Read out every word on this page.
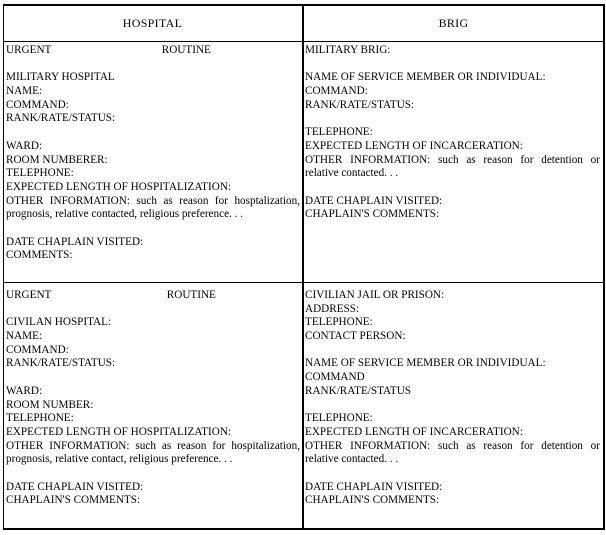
HOSPITAL	BRIG
URGENT	ROUTINE
MILITARY HOSPITAL
NAME:
COMMAND:
RANK/RATE/STATUS:
WARD:
ROOM NUMBERER:
TELEPHONE:
EXPECTED LENGTH OF HOSPITALIZATION:
OTHER INFORMATION: such as reason for hosptalization, prognosis, relative contacted, religious preference. . .
DATE CHAPLAIN VISITED:
COMMENTS:
MILITARY BRIG:
NAME OF SERVICE MEMBER OR INDIVIDUAL:
COMMAND:
RANK/RATE/STATUS:
TELEPHONE:
EXPECTED LENGTH OF INCARCERATION:
OTHER INFORMATION: such as reason for detention or relative contacted. . .
DATE CHAPLAIN VISITED:
CHAPLAIN'S COMMENTS:
URGENT	ROUTINE
CIVILAN HOSPITAL:
NAME:
COMMAND:
RANK/RATE/STATUS:
WARD:
ROOM NUMBER:
TELEPHONE:
EXPECTED LENGTH OF HOSPITALIZATION:
OTHER INFORMATION: such as reason for hospitalization, prognosis, relative contact, religious preference. . .
DATE CHAPLAIN VISITED:
CHAPLAIN'S COMMENTS:
CIVILIAN JAIL OR PRISON:
ADDRESS:
TELEPHONE:
CONTACT PERSON:
NAME OF SERVICE MEMBER OR INDIVIDUAL:
COMMAND
RANK/RATE/STATUS
TELEPHONE:
EXPECTED LENGTH OF INCARCERATION:
OTHER INFORMATION: such as reason for detention or relative contacted. . .
DATE CHAPLAIN VISITED:
CHAPLAIN'S COMMENTS:
